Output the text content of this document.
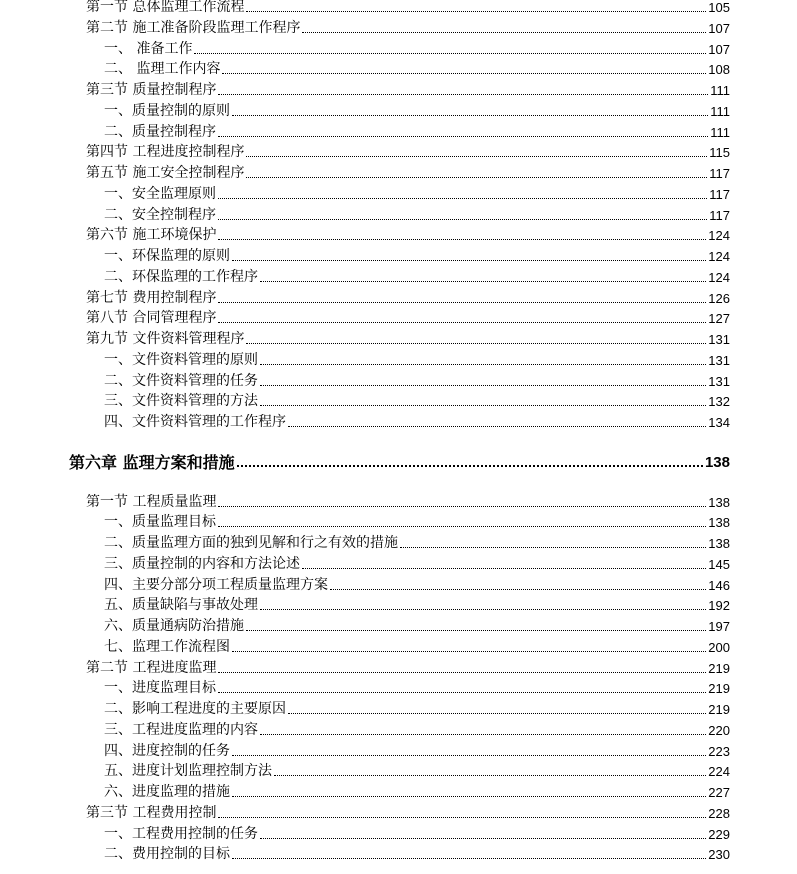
第一节 总体监理工作流程	105
第二节 施工准备阶段监理工作程序	107
一、 准备工作	107
二、 监理工作内容	108
第三节 质量控制程序	111
一、质量控制的原则	111
二、质量控制程序	111
第四节 工程进度控制程序	115
第五节 施工安全控制程序	117
一、安全监理原则	117
二、安全控制程序	117
第六节 施工环境保护	124
一、环保监理的原则	124
二、环保监理的工作程序	124
第七节 费用控制程序	126
第八节 合同管理程序	127
第九节 文件资料管理程序	131
一、文件资料管理的原则	131
二、文件资料管理的任务	131
三、文件资料管理的方法	132
四、文件资料管理的工作程序	134
第六章 监理方案和措施	138
第一节 工程质量监理	138
一、质量监理目标	138
二、质量监理方面的独到见解和行之有效的措施	138
三、质量控制的内容和方法论述	145
四、主要分部分项工程质量监理方案	146
五、质量缺陷与事故处理	192
六、质量通病防治措施	197
七、监理工作流程图	200
第二节 工程进度监理	219
一、进度监理目标	219
二、影响工程进度的主要原因	219
三、工程进度监理的内容	220
四、进度控制的任务	223
五、进度计划监理控制方法	224
六、进度监理的措施	227
第三节 工程费用控制	228
一、工程费用控制的任务	229
二、费用控制的目标	230
